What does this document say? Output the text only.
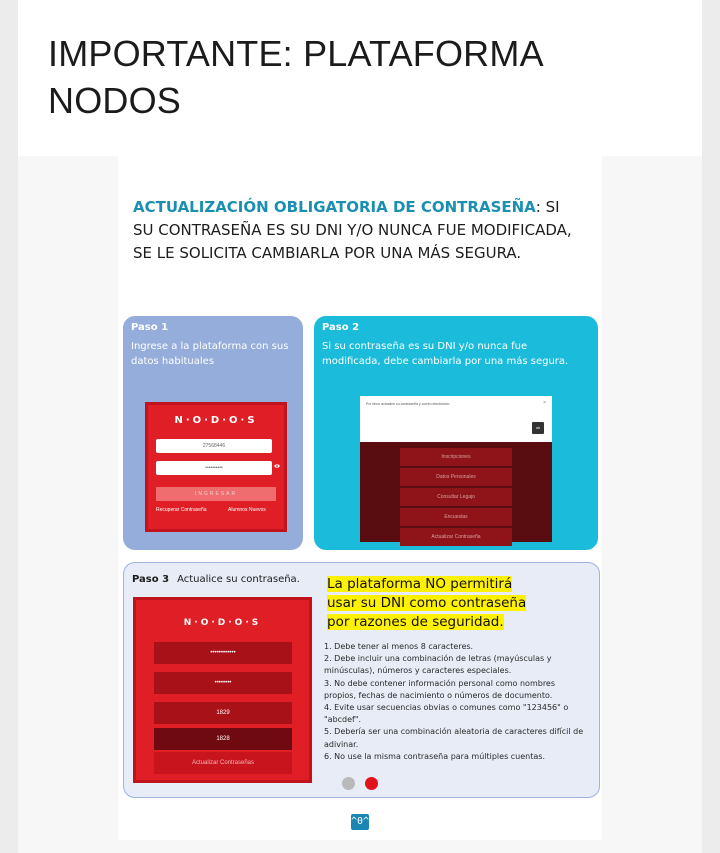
IMPORTANTE: PLATAFORMA NODOS
ACTUALIZACIÓN OBLIGATORIA DE CONTRASEÑA: SI SU CONTRASEÑA ES SU DNI Y/O NUNCA FUE MODIFICADA, SE LE SOLICITA CAMBIARLA POR UNA MÁS SEGURA.
Paso 1
Ingrese a la plataforma con sus datos habituales
N·O·D·O·S
27568446
••••••••••
INGRESAR
Recuperar Contraseña	Alumnos Nuevos
Paso 2
Si su contraseña es su DNI y/o nunca fue modificada, debe cambiarla por una más segura.
Inscripciones
Datos Personales
Consultar Legajo
Encuestas
Actualizar Contraseña
Por favor actualice su contraseña y correo electrónico	×
ok
Paso 3 Actualice su contraseña.
N·O·D·O·S
••••••••••••
••••••••
1829
1828
Actualizar Contraseñas
La plataforma NO permitirá usar su DNI como contraseña por razones de seguridad.
1. Debe tener al menos 8 caracteres.
2. Debe incluir una combinación de letras (mayúsculas y minúsculas), números y caracteres especiales.
3. No debe contener información personal como nombres propios, fechas de nacimiento o números de documento.
4. Evite usar secuencias obvias o comunes como "123456" o "abcdef".
5. Debería ser una combinación aleatoria de caracteres difícil de adivinar.
6. No use la misma contraseña para múltiples cuentas.
^0^
